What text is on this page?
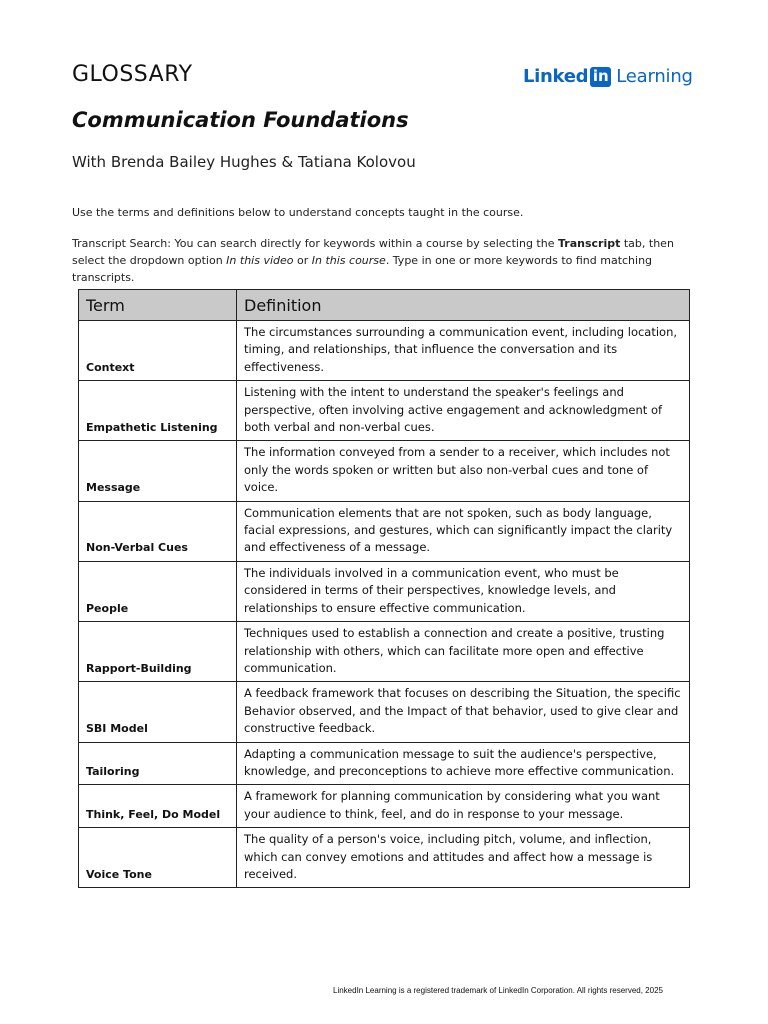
GLOSSARY	Linked in Learning
Communication Foundations
With Brenda Bailey Hughes & Tatiana Kolovou
Use the terms and definitions below to understand concepts taught in the course.
Transcript Search: You can search directly for keywords within a course by selecting the Transcript tab, then select the dropdown option In this video or In this course. Type in one or more keywords to find matching transcripts.
Term	Definition
Context	The circumstances surrounding a communication event, including location, timing, and relationships, that influence the conversation and its effectiveness.
Empathetic Listening	Listening with the intent to understand the speaker's feelings and perspective, often involving active engagement and acknowledgment of both verbal and non-verbal cues.
Message	The information conveyed from a sender to a receiver, which includes not only the words spoken or written but also non-verbal cues and tone of voice.
Non-Verbal Cues	Communication elements that are not spoken, such as body language, facial expressions, and gestures, which can significantly impact the clarity and effectiveness of a message.
People	The individuals involved in a communication event, who must be considered in terms of their perspectives, knowledge levels, and relationships to ensure effective communication.
Rapport-Building	Techniques used to establish a connection and create a positive, trusting relationship with others, which can facilitate more open and effective communication.
SBI Model	A feedback framework that focuses on describing the Situation, the specific Behavior observed, and the Impact of that behavior, used to give clear and constructive feedback.
Tailoring	Adapting a communication message to suit the audience's perspective, knowledge, and preconceptions to achieve more effective communication.
Think, Feel, Do Model	A framework for planning communication by considering what you want your audience to think, feel, and do in response to your message.
Voice Tone	The quality of a person's voice, including pitch, volume, and inflection, which can convey emotions and attitudes and affect how a message is received.
LinkedIn Learning is a registered trademark of LinkedIn Corporation. All rights reserved, 2025
